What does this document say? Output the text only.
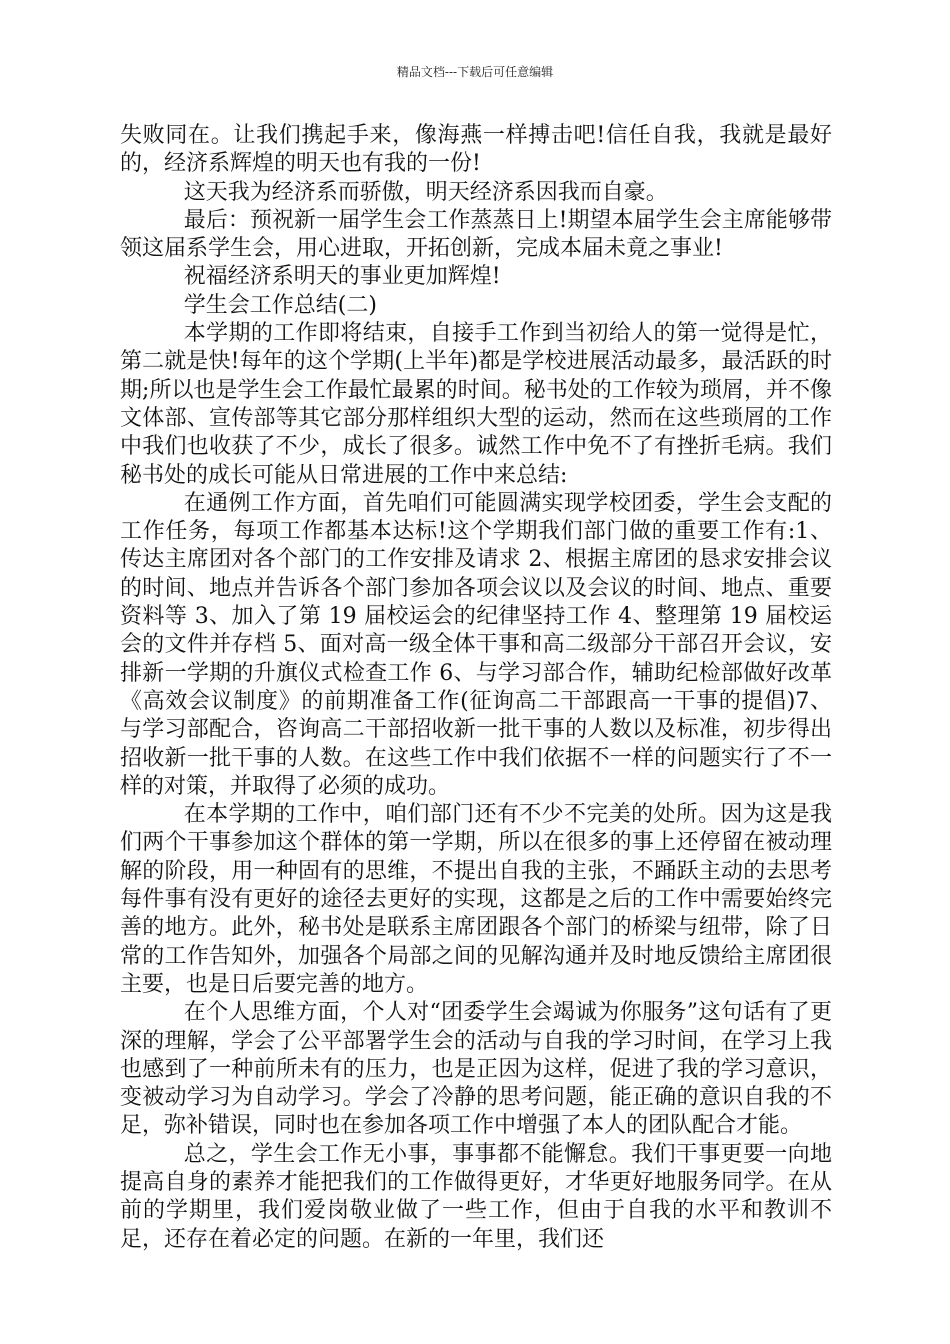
精品文档---下载后可任意编辑

失败同在。让我们携起手来，像海燕一样搏击吧!信任自我，我就是最好的，经济系辉煌的明天也有我的一份!

这天我为经济系而骄傲，明天经济系因我而自豪。

最后：预祝新一届学生会工作蒸蒸日上!期望本届学生会主席能够带领这届系学生会，用心进取，开拓创新，完成本届未竟之事业!

祝福经济系明天的事业更加辉煌!

学生会工作总结(二)

本学期的工作即将结束，自接手工作到当初给人的第一觉得是忙，第二就是快!每年的这个学期(上半年)都是学校进展活动最多，最活跃的时期;所以也是学生会工作最忙最累的时间。秘书处的工作较为琐屑，并不像文体部、宣传部等其它部分那样组织大型的运动，然而在这些琐屑的工作中我们也收获了不少，成长了很多。诚然工作中免不了有挫折毛病。我们秘书处的成长可能从日常进展的工作中来总结:

在通例工作方面，首先咱们可能圆满实现学校团委，学生会支配的工作任务，每项工作都基本达标!这个学期我们部门做的重要工作有:1、传达主席团对各个部门的工作安排及请求 2、根据主席团的恳求安排会议的时间、地点并告诉各个部门参加各项会议以及会议的时间、地点、重要资料等 3、加入了第 19 届校运会的纪律坚持工作 4、整理第 19 届校运会的文件并存档 5、面对高一级全体干事和高二级部分干部召开会议，安排新一学期的升旗仪式检查工作 6、与学习部合作，辅助纪检部做好改革《高效会议制度》的前期准备工作(征询高二干部跟高一干事的提倡)7、与学习部配合，咨询高二干部招收新一批干事的人数以及标准，初步得出招收新一批干事的人数。在这些工作中我们依据不一样的问题实行了不一样的对策，并取得了必须的成功。

在本学期的工作中，咱们部门还有不少不完美的处所。因为这是我们两个干事参加这个群体的第一学期，所以在很多的事上还停留在被动理解的阶段，用一种固有的思维，不提出自我的主张，不踊跃主动的去思考每件事有没有更好的途径去更好的实现，这都是之后的工作中需要始终完善的地方。此外，秘书处是联系主席团跟各个部门的桥梁与纽带，除了日常的工作告知外，加强各个局部之间的见解沟通并及时地反馈给主席团很主要，也是日后要完善的地方。

在个人思维方面，个人对“团委学生会竭诚为你服务”这句话有了更深的理解，学会了公平部署学生会的活动与自我的学习时间，在学习上我也感到了一种前所未有的压力，也是正因为这样，促进了我的学习意识，变被动学习为自动学习。学会了冷静的思考问题，能正确的意识自我的不足，弥补错误，同时也在参加各项工作中增强了本人的团队配合才能。

总之，学生会工作无小事，事事都不能懈怠。我们干事更要一向地提高自身的素养才能把我们的工作做得更好，才华更好地服务同学。在从前的学期里，我们爱岗敬业做了一些工作，但由于自我的水平和教训不足，还存在着必定的问题。在新的一年里，我们还
